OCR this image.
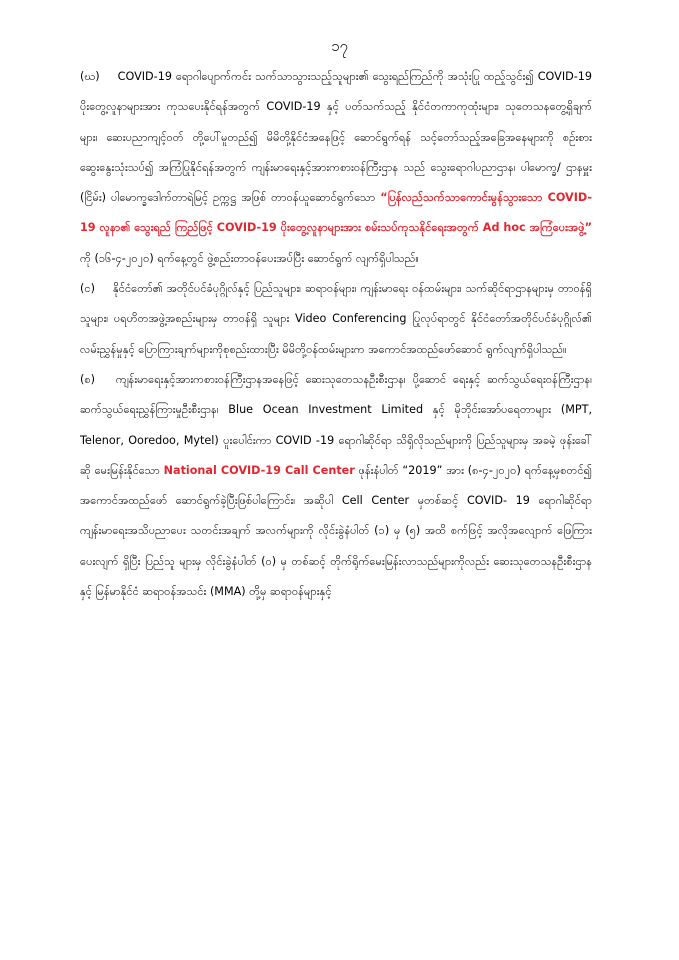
၁၇

(ဃ) COVID-19 ရောဂါပျောက်ကင်း သက်သာသွားသည့်သူများ၏ သွေးရည်ကြည်ကို အသုံးပြု ထည့်သွင်း၍ COVID-19 ပိုးတွေ့လူနာများအား ကုသပေးနိုင်ရန်အတွက် COVID-19 နှင့် ပတ်သက်သည့် နိုင်ငံတကာကုထုံးများ၊ သုတေသနတွေ့ရှိချက်များ၊ ဆေးပညာကျင့်ဝတ် တို့ပေါ်မူတည်၍ မိမိတို့နိုင်ငံအနေဖြင့် ဆောင်ရွက်ရန် သင့်တော်သည့်အခြေအနေများကို စဉ်းစား ဆွေးနွေးသုံးသပ်၍ အကြံပြုနိုင်ရန်အတွက် ကျန်းမာရေးနှင့်အားကစားဝန်ကြီးဌာန သည် သွေးရောဂါပညာဌာန၊ ပါမောက္ခ/ ဌာနမှူး (ငြိမ်း) ပါမောက္ခဒေါက်တာရဲမြင့် ဥက္ကဋ္ဌ အဖြစ် တာဝန်ယူဆောင်ရွက်သော “ပြန်လည်သက်သာကောင်းမွန်သွားသော COVID-19 လူနာ၏ သွေးရည် ကြည်ဖြင့် COVID-19 ပိုးတွေ့လူနာများအား စမ်းသပ်ကုသနိုင်ရေးအတွက် Ad hoc အကြံပေးအဖွဲ့” ကို (၁၆-၄-၂၀၂၀) ရက်နေ့တွင် ဖွဲ့စည်းတာဝန်ပေးအပ်ပြီး ဆောင်ရွက် လျက်ရှိပါသည်။

(င) နိုင်ငံတော်၏ အတိုင်ပင်ခံပုဂ္ဂိုလ်နှင့် ပြည်သူများ၊ ဆရာဝန်များ၊ ကျန်းမာရေး ဝန်ထမ်းများ၊ သက်ဆိုင်ရာဌာနများမှ တာဝန်ရှိသူများ၊ ပရဟိတအဖွဲ့အစည်းများမှ တာဝန်ရှိ သူများ Video Conferencing ပြုလုပ်ရာတွင် နိုင်ငံတော်အတိုင်ပင်ခံပုဂ္ဂိုလ်၏ လမ်းညွှန်မှုနှင့် ပြောကြားချက်များကိုစုစည်းထားပြီး မိမိတို့ဝန်ထမ်းများက အကောင်အထည်ဖော်ဆောင် ရွက်လျက်ရှိပါသည်။

(စ) ကျန်းမာရေးနှင့်အားကစားဝန်ကြီးဌာနအနေဖြင့် ဆေးသုတေသနဦးစီးဌာန၊ ပို့ဆောင် ရေးနှင့် ဆက်သွယ်ရေးဝန်ကြီးဌာန၊ ဆက်သွယ်ရေးညွှန်ကြားမှုဦးစီးဌာန၊ Blue Ocean Investment Limited နှင့် မိုဘိုင်းအော်ပရေတာများ (MPT, Telenor, Ooredoo, Mytel) ပူးပေါင်းကာ COVID -19 ရောဂါဆိုင်ရာ သိရှိလိုသည်များကို ပြည်သူများမှ အခမဲ့ ဖုန်းခေါ်ဆို မေးမြန်းနိုင်သော National COVID-19 Call Center ဖုန်းနံပါတ် “2019” အား (၈-၄-၂၀၂၀) ရက်နေ့မှစတင်၍ အကောင်အထည်ဖော် ဆောင်ရွက်ခဲ့ပြီးဖြစ်ပါကြောင်း၊ အဆိုပါ Cell Center မှတစ်ဆင့် COVID- 19 ရောဂါဆိုင်ရာ ကျန်းမာရေးအသိပညာပေး သတင်းအချက် အလက်များကို လိုင်းခွဲနံပါတ် (၁) မှ (၅) အထိ စက်ဖြင့် အလိုအလျောက် ဖြေကြားပေးလျက် ရှိပြီး ပြည်သူ များမှ လိုင်းခွဲနံပါတ် (၀) မှ တစ်ဆင့် တိုက်ရိုက်မေးမြန်းလာသည်များကိုလည်း ဆေးသုတေသနဦးစီးဌာနနှင့် မြန်မာနိုင်ငံ ဆရာဝန်အသင်း (MMA) တို့မှ ဆရာဝန်များနှင့်
